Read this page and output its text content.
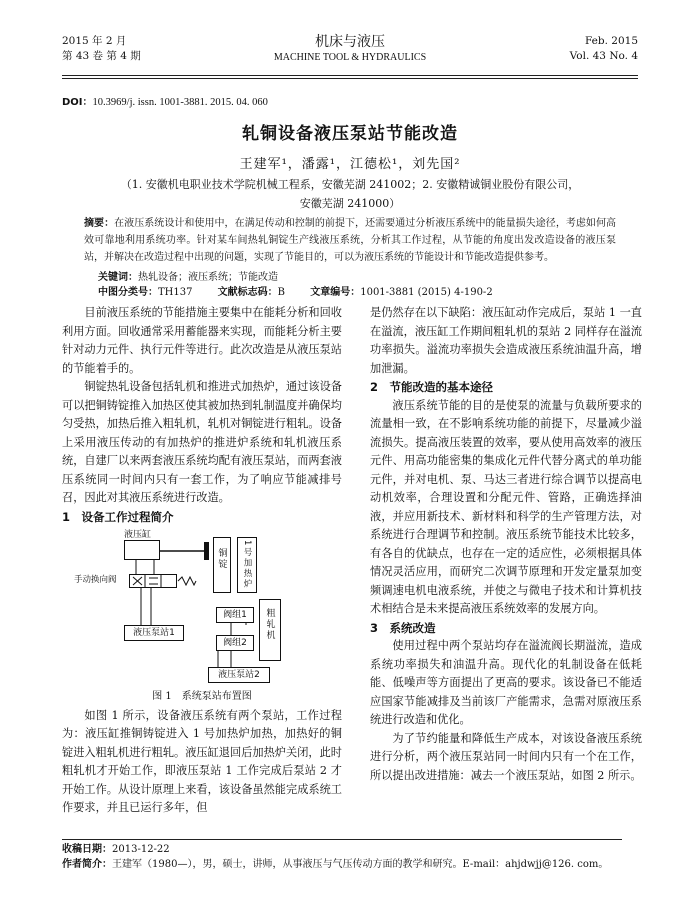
2015 年 2 月
第 43 卷 第 4 期
机床与液压
MACHINE TOOL & HYDRAULICS
Feb. 2015
Vol. 43 No. 4
DOI：10.3969/j. issn. 1001-3881. 2015. 04. 060
轧铜设备液压泵站节能改造
王建军¹，潘露¹，江德松¹，刘先国²
（1. 安徽机电职业技术学院机械工程系，安徽芜湖 241002；2. 安徽精诚铜业股份有限公司，
安徽芜湖 241000）
摘要：在液压系统设计和使用中，在满足传动和控制的前提下，还需要通过分析液压系统中的能量损失途径，考虑如何高效可靠地利用系统功率。针对某车间热轧铜锭生产线液压系统，分析其工作过程，从节能的角度出发改造设备的液压泵站，并解决在改造过程中出现的问题，实现了节能目的，可以为液压系统的节能设计和节能改造提供参考。
关键词：热轧设备；液压系统；节能改造
中图分类号：TH137	文献标志码：B	文章编号：1001-3881 (2015) 4-190-2

目前液压系统的节能措施主要集中在能耗分析和回收利用方面。回收通常采用蓄能器来实现，而能耗分析主要针对动力元件、执行元件等进行。此次改造是从液压泵站的节能着手的。

铜锭热轧设备包括轧机和推进式加热炉，通过该设备可以把铜铸锭推入加热区使其被加热到轧制温度并确保均匀受热，加热后推入粗轧机，轧机对铜锭进行粗轧。设备上采用液压传动的有加热炉的推进炉系统和轧机液压系统，自建厂以来两套液压系统均配有液压泵站，而两套液压系统同一时间内只有一套工作，为了响应节能减排号召，因此对其液压系统进行改造。

1　设备工作过程简介

图 1　系统泵站布置图

如图 1 所示，设备液压系统有两个泵站，工作过程为：液压缸推铜铸锭进入 1 号加热炉加热，加热好的铜锭进入粗轧机进行粗轧。液压缸退回后加热炉关闭，此时粗轧机才开始工作，即液压泵站 1 工作完成后泵站 2 才开始工作。从设计原理上来看，该设备虽然能完成系统工作要求，并且已运行多年，但

液压缸
铜锭	1号加热炉
手动换向阀
液压泵站1
阀组1	粗轧机
阀组2
液压泵站2

是仍然存在以下缺陷：液压缸动作完成后，泵站 1 一直在溢流，液压缸工作期间粗轧机的泵站 2 同样存在溢流功率损失。溢流功率损失会造成液压系统油温升高，增加泄漏。

2　节能改造的基本途径

液压系统节能的目的是使泵的流量与负载所要求的流量相一致，在不影响系统功能的前提下，尽量减少溢流损失。提高液压装置的效率，要从使用高效率的液压元件、用高功能密集的集成化元件代替分离式的单功能元件，并对电机、泵、马达三者进行综合调节以提高电动机效率，合理设置和分配元件、管路，正确选择油液，并应用新技术、新材料和科学的生产管理方法，对系统进行合理调节和控制。液压系统节能技术比较多，有各自的优缺点，也存在一定的适应性，必须根据具体情况灵活应用，而研究二次调节原理和开发定量泵加变频调速电机电液系统，并使之与微电子技术和计算机技术相结合是未来提高液压系统效率的发展方向。

3　系统改造

使用过程中两个泵站均存在溢流阀长期溢流，造成系统功率损失和油温升高。现代化的轧制设备在低耗能、低噪声等方面提出了更高的要求。该设备已不能适应国家节能减排及当前该厂产能需求，急需对原液压系统进行改造和优化。

为了节约能量和降低生产成本，对该设备液压系统进行分析，两个液压泵站同一时间内只有一个在工作，所以提出改进措施：减去一个液压泵站，如图 2 所示。

收稿日期：2013-12-22
作者简介：王建军（1980—），男，硕士，讲师，从事液压与气压传动方面的教学和研究。E-mail：ahjdwjj@126. com。
